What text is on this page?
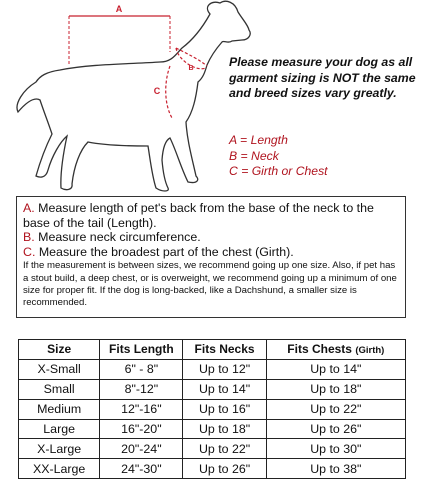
A
B
C

Please measure your dog as all garment sizing is NOT the same and breed sizes vary greatly.

A = Length
B = Neck
C = Girth or Chest

A. Measure length of pet's back from the base of the neck to the base of the tail (Length).

B. Measure neck circumference.

C. Measure the broadest part of the chest (Girth).

If the measurement is between sizes, we recommend going up one size. Also, if pet has a stout build, a deep chest, or is overweight, we recommend going up a minimum of one size for proper fit. If the dog is long-backed, like a Dachshund, a smaller size is recommended.

Size	Fits Length	Fits Necks	Fits Chests (Girth)
X-Small	6" - 8"	Up to 12"	Up to 14"
Small	8"-12"	Up to 14"	Up to 18"
Medium	12"-16"	Up to 16"	Up to 22"
Large	16"-20"	Up to 18"	Up to 26"
X-Large	20"-24"	Up to 22"	Up to 30"
XX-Large	24"-30"	Up to 26"	Up to 38"
